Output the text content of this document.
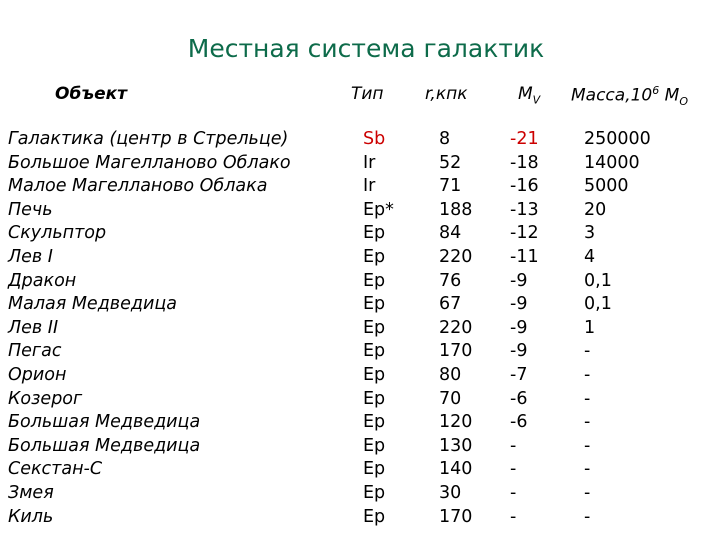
Местная система галактик
Объект	Тип r,кпк	$M_V$ $Масса,10^6$ $M_O$
Галактика (центр в Стрельце)
Большое Магелланово Облако
Малое Магелланово Облака
Печь
Скульптор
Лев I
Дракон
Малая Медведица
Лев II
Пегас
Орион
Козерог
Большая Медведица
Большая Медведица
Секстан-С
Змея
Киль
Sb
Ir
Ir
Ep*
Ep
Ep
Ep
Ep
Ep
Ep
Ep
Ep
Ep
Ep
Ep
Ep
Ep
8
52
71
188
84
220
76
67
220
170
80
70
120
130
140
30
170
-21
-18
-16
-13
-12
-11
-9
-9
-9
-9
-7
-6
-6
-
-
-
-
250000
14000
5000
20
3
4
0,1
0,1
1
-
-
-
-
-
-
-
-
